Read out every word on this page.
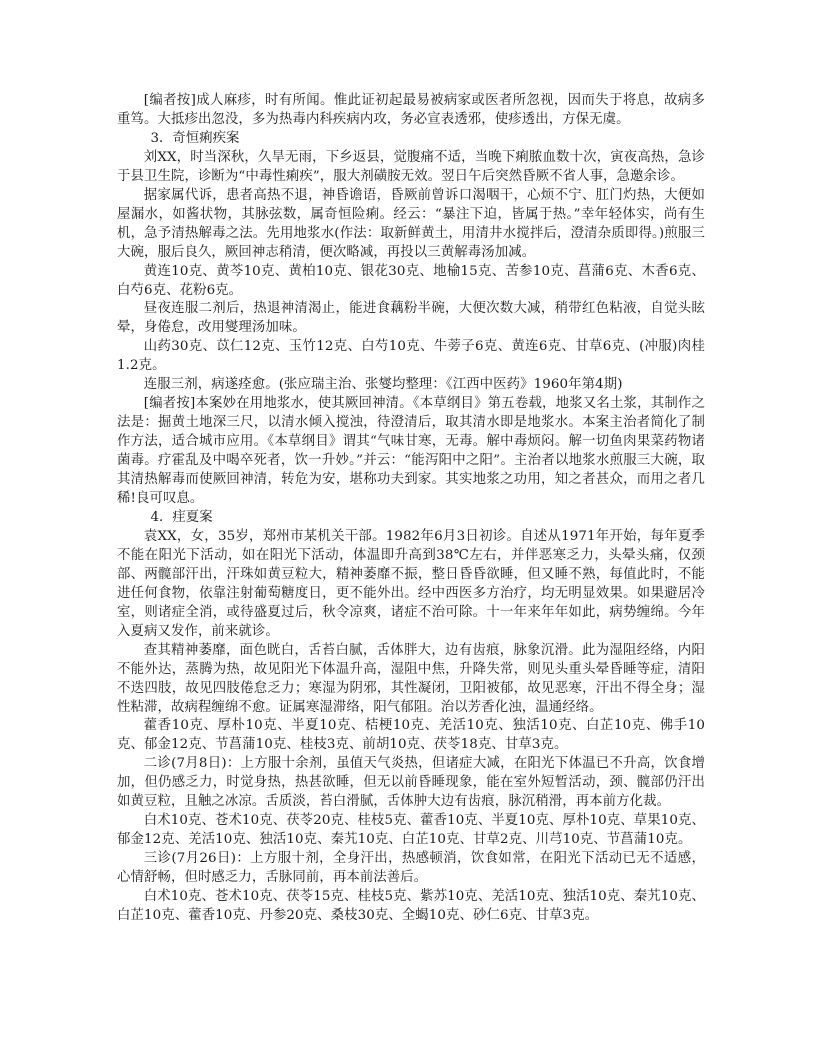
[编者按]成人麻疹，时有所闻。惟此证初起最易被病家或医者所忽视，因而失于将息，故病多重笃。大抵疹出忽没，多为热毒内科疾病内攻，务必宣表透邪，使疹透出，方保无虞。

3．奇恒痢疾案

刘XX，时当深秋，久旱无雨，下乡返县，觉腹痛不适，当晚下痢脓血数十次，寅夜高热，急诊于县卫生院，诊断为“中毒性痢疾”，服大剂磺胺无效。翌日午后突然昏厥不省人事，急邀余诊。

据家属代诉，患者高热不退，神昏谵语，昏厥前曾诉口渴咽干，心烦不宁、肛门灼热，大便如屋漏水，如酱状物，其脉弦数，属奇恒险痢。经云：“暴注下迫，皆属于热。”幸年轻体实，尚有生机，急予清热解毒之法。先用地浆水(作法：取新鲜黄土，用清井水搅拌后，澄清杂质即得。)煎服三大碗，服后良久，厥回神志稍清，便次略减，再投以三黄解毒汤加减。

黄连10克、黄芩10克、黄柏10克、银花30克、地榆15克、苦参10克、菖蒲6克、木香6克、白芍6克、花粉6克。

昼夜连服二剂后，热退神清渴止，能进食藕粉半碗，大便次数大减，稍带红色粘液，自觉头眩晕，身倦怠，改用燮理汤加味。

山药30克、苡仁12克、玉竹12克、白芍10克、牛蒡子6克、黄连6克、甘草6克、(冲服)肉桂1.2克。

连服三剂，病遂痊愈。(张应瑞主治、张燮均整理：《江西中医药》1960年第4期)

[编者按]本案妙在用地浆水，使其厥回神清。《本草纲目》第五卷载，地浆又名土浆，其制作之法是：掘黄土地深三尺，以清水倾入搅浊，待澄清后，取其清水即是地浆水。本案主治者简化了制作方法，适合城市应用。《本草纲目》谓其“气味甘寒，无毒。解中毒烦闷。解一切鱼肉果菜药物诸菌毒。疗霍乱及中喝卒死者，饮一升妙。”并云：“能泻阳中之阳”。主治者以地浆水煎服三大碗，取其清热解毒而使厥回神清，转危为安，堪称功夫到家。其实地浆之功用，知之者甚众，而用之者几稀!良可叹息。

4．疰夏案

袁XX，女，35岁，郑州市某机关干部。1982年6月3日初诊。自述从1971年开始，每年夏季不能在阳光下活动，如在阳光下活动，体温即升高到38℃左右，并伴恶寒乏力，头晕头痛，仅颈部、两髋部汗出，汗珠如黄豆粒大，精神萎靡不振，整日昏昏欲睡，但又睡不熟，每值此时，不能进任何食物，依靠注射葡萄糖度日，更不能外出。经中西医多方治疗，均无明显效果。如果避居冷室，则诸症全消，或待盛夏过后，秋令凉爽，诸症不治可除。十一年来年年如此，病势缠绵。今年入夏病又发作，前来就诊。

查其精神萎靡，面色晄白，舌苔白腻，舌体胖大，边有齿痕，脉象沉滑。此为湿阻经络，内阳不能外达，蒸腾为热，故见阳光下体温升高，湿阻中焦，升降失常，则见头重头晕昏睡等症，清阳不迭四肢，故见四肢倦怠乏力；寒湿为阴邪，其性凝闭，卫阳被郁，故见恶寒，汗出不得全身；湿性粘滞，故病程缠绵不愈。证属寒湿滞络，阳气郁阻。治以芳香化浊，温通经络。

藿香10克、厚朴10克、半夏10克、桔梗10克、羌活10克、独活10克、白芷10克、佛手10克、郁金12克、节菖蒲10克、桂枝3克、前胡10克、茯苓18克、甘草3克。

二诊(7月8日)：上方服十余剂，虽值天气炎热，但诸症大减，在阳光下体温已不升高，饮食增加，但仍感乏力，时觉身热，热甚欲睡，但无以前昏睡现象，能在室外短暂活动，颈、髋部仍汗出如黄豆粒，且触之冰凉。舌质淡，苔白滑腻，舌体肿大边有齿痕，脉沉稍滑，再本前方化裁。

白术10克、苍术10克、茯苓20克、桂枝5克、藿香10克、半夏10克、厚朴10克、草果10克、郁金12克、羌活10克、独活10克、秦艽10克、白芷10克、甘草2克、川芎10克、节菖蒲10克。

三诊(7月26日)：上方服十剂，全身汗出，热感顿消，饮食如常，在阳光下活动已无不适感，心情舒畅，但时感乏力，舌脉同前，再本前法善后。

白术10克、苍术10克、茯苓15克、桂枝5克、紫苏10克、羌活10克、独活10克、秦艽10克、白芷10克、藿香10克、丹参20克、桑枝30克、全蝎10克、砂仁6克、甘草3克。
